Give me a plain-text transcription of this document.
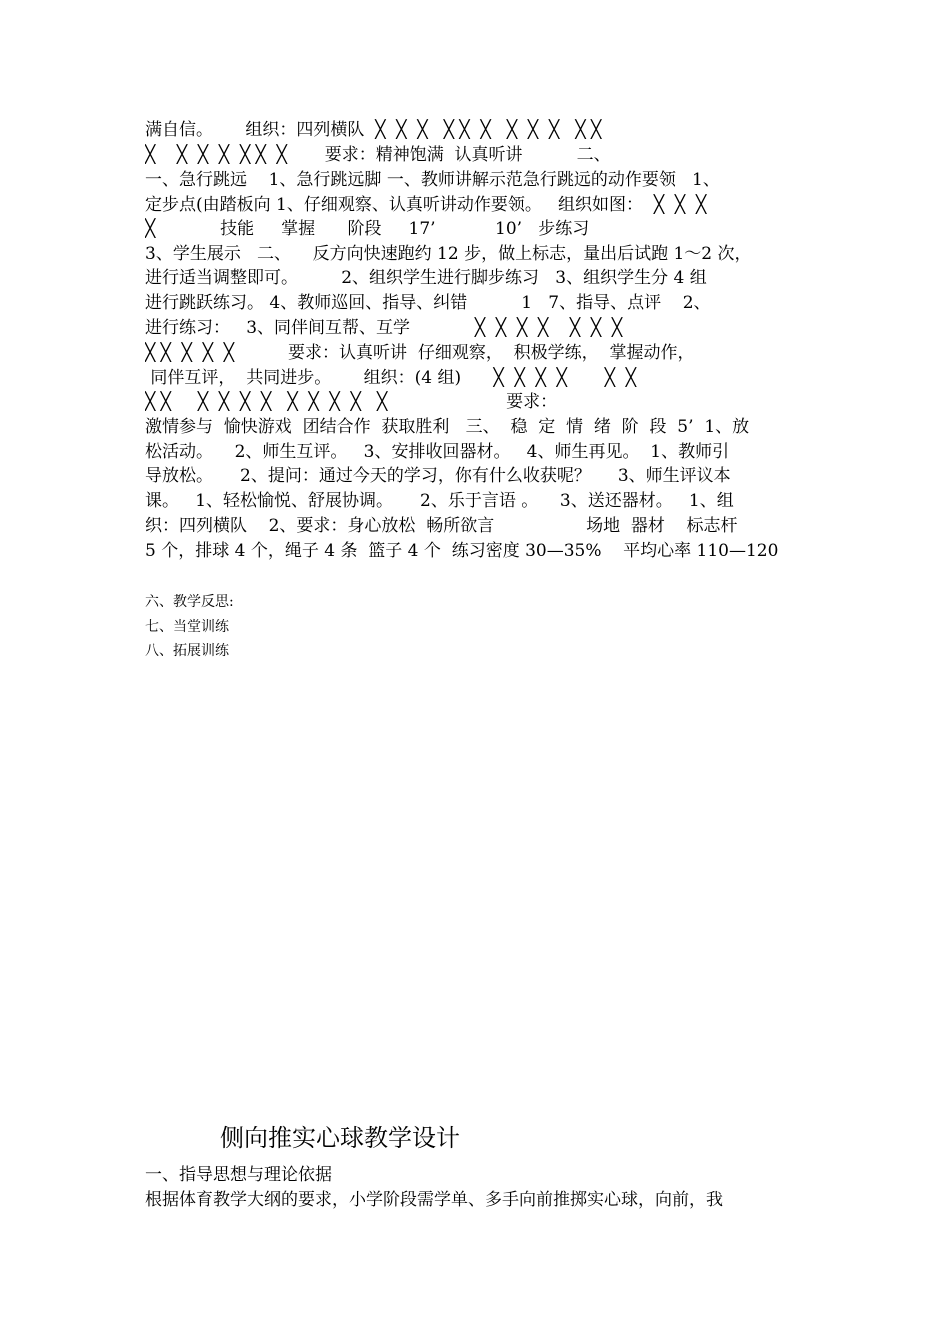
满自信。      组织：四列横队  ╳  ╳  ╳   ╳ ╳  ╳   ╳  ╳  ╳   ╳ ╳
╳    ╳  ╳  ╳  ╳ ╳  ╳       要求：精神饱满  认真听讲          二、
一、急行跳远    1、急行跳远脚 一、教师讲解示范急行跳远的动作要领   1、
定步点(由踏板向 1、仔细观察、认真听讲动作要领。   组织如图：  ╳  ╳  ╳
╳            技能     掌握      阶段     17’           10’   步练习
3、学生展示   二、    反方向快速跑约 12 步，做上标志，量出后试跑 1～2 次，
进行适当调整即可。        2、组织学生进行脚步练习   3、组织学生分 4 组
进行跳跃练习。 4、教师巡回、指导、纠错          1   7、指导、点评    2、
进行练习：   3、同伴间互帮、互学            ╳  ╳  ╳  ╳    ╳  ╳  ╳
╳ ╳  ╳  ╳  ╳          要求：认真听讲  仔细观察，  积极学练，  掌握动作，
同伴互评，  共同进步。      组织：(4 组)      ╳  ╳  ╳  ╳       ╳  ╳
╳ ╳     ╳  ╳  ╳  ╳   ╳  ╳  ╳  ╳   ╳                      要求：
激情参与  愉快游戏  团结合作  获取胜利   三、  稳  定  情  绪  阶  段  5’  1、放
松活动。    2、师生互评。   3、安排收回器材。   4、师生再见。  1、教师引
导放松。     2、提问：通过今天的学习，你有什么收获呢？     3、师生评议本
课。   1、轻松愉悦、舒展协调。     2、乐于言语 。    3、送还器材。   1、组
织：四列横队    2、要求：身心放松  畅所欲言                 场地  器材    标志杆
5 个，排球 4 个，绳子 4 条  篮子 4 个  练习密度 30—35%    平均心率 110—120
六、教学反思:
七、当堂训练
八、拓展训练
侧向推实心球教学设计
一、指导思想与理论依据
根据体育教学大纲的要求，小学阶段需学单、多手向前推掷实心球，向前，我
